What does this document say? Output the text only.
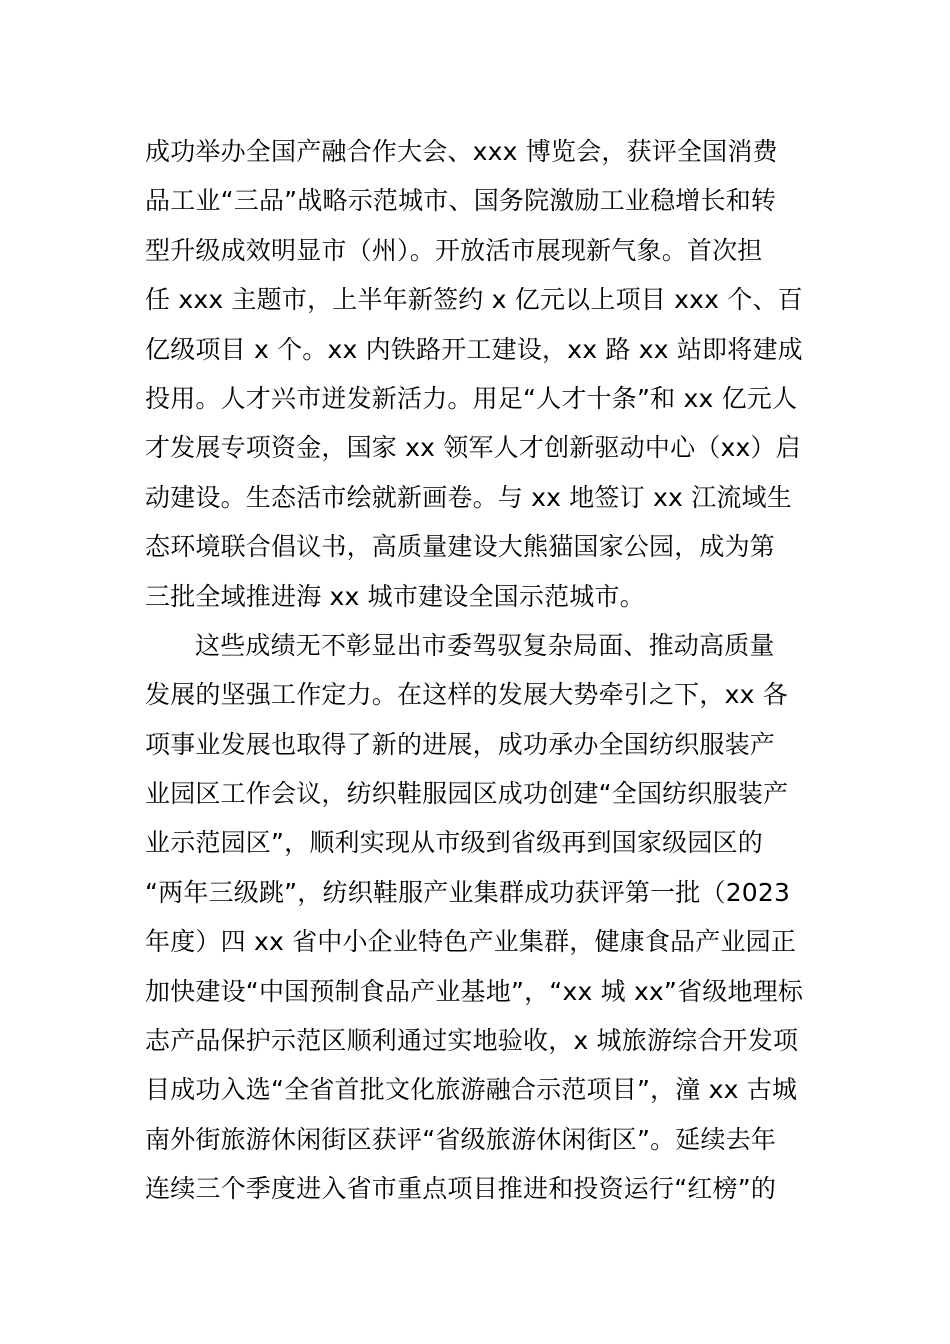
成功举办全国产融合作大会、xxx 博览会，获评全国消费
品工业“三品”战略示范城市、国务院激励工业稳增长和转
型升级成效明显市（州）。开放活市展现新气象。首次担
任 xxx 主题市，上半年新签约 x 亿元以上项目 xxx 个、百
亿级项目 x 个。xx 内铁路开工建设，xx 路 xx 站即将建成
投用。人才兴市迸发新活力。用足“人才十条”和 xx 亿元人
才发展专项资金，国家 xx 领军人才创新驱动中心（xx）启
动建设。生态活市绘就新画卷。与 xx 地签订 xx 江流域生
态环境联合倡议书，高质量建设大熊猫国家公园，成为第
三批全域推进海 xx 城市建设全国示范城市。
这些成绩无不彰显出市委驾驭复杂局面、推动高质量
发展的坚强工作定力。在这样的发展大势牵引之下，xx 各
项事业发展也取得了新的进展，成功承办全国纺织服装产
业园区工作会议，纺织鞋服园区成功创建“全国纺织服装产
业示范园区”，顺利实现从市级到省级再到国家级园区的
“两年三级跳”，纺织鞋服产业集群成功获评第一批（2023
年度）四 xx 省中小企业特色产业集群，健康食品产业园正
加快建设“中国预制食品产业基地”，“xx 城 xx”省级地理标
志产品保护示范区顺利通过实地验收，x 城旅游综合开发项
目成功入选“全省首批文化旅游融合示范项目”，潼 xx 古城
南外街旅游休闲街区获评“省级旅游休闲街区”。延续去年
连续三个季度进入省市重点项目推进和投资运行“红榜”的
